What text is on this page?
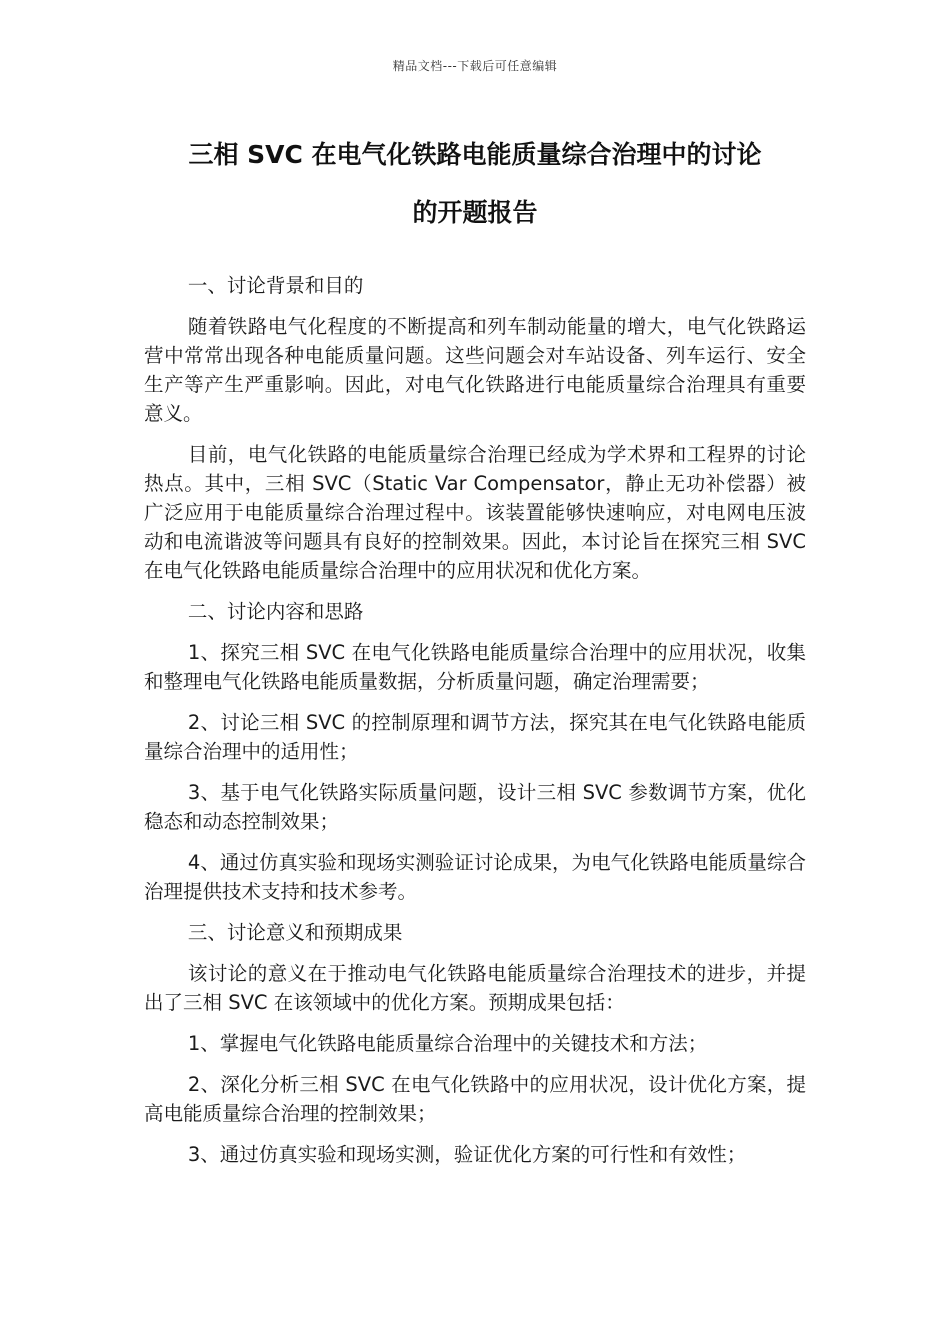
精品文档---下载后可任意编辑
三相 SVC 在电气化铁路电能质量综合治理中的讨论
的开题报告

一、讨论背景和目的

随着铁路电气化程度的不断提高和列车制动能量的增大，电气化铁路运营中常常出现各种电能质量问题。这些问题会对车站设备、列车运行、安全生产等产生严重影响。因此，对电气化铁路进行电能质量综合治理具有重要意义。

目前，电气化铁路的电能质量综合治理已经成为学术界和工程界的讨论热点。其中，三相 SVC（Static Var Compensator，静止无功补偿器）被广泛应用于电能质量综合治理过程中。该装置能够快速响应，对电网电压波动和电流谐波等问题具有良好的控制效果。因此，本讨论旨在探究三相 SVC 在电气化铁路电能质量综合治理中的应用状况和优化方案。

二、讨论内容和思路

1、探究三相 SVC 在电气化铁路电能质量综合治理中的应用状况，收集和整理电气化铁路电能质量数据，分析质量问题，确定治理需要；

2、讨论三相 SVC 的控制原理和调节方法，探究其在电气化铁路电能质量综合治理中的适用性；

3、基于电气化铁路实际质量问题，设计三相 SVC 参数调节方案，优化稳态和动态控制效果；

4、通过仿真实验和现场实测验证讨论成果，为电气化铁路电能质量综合治理提供技术支持和技术参考。

三、讨论意义和预期成果

该讨论的意义在于推动电气化铁路电能质量综合治理技术的进步，并提出了三相 SVC 在该领域中的优化方案。预期成果包括：

1、掌握电气化铁路电能质量综合治理中的关键技术和方法；

2、深化分析三相 SVC 在电气化铁路中的应用状况，设计优化方案，提高电能质量综合治理的控制效果；

3、通过仿真实验和现场实测，验证优化方案的可行性和有效性；
